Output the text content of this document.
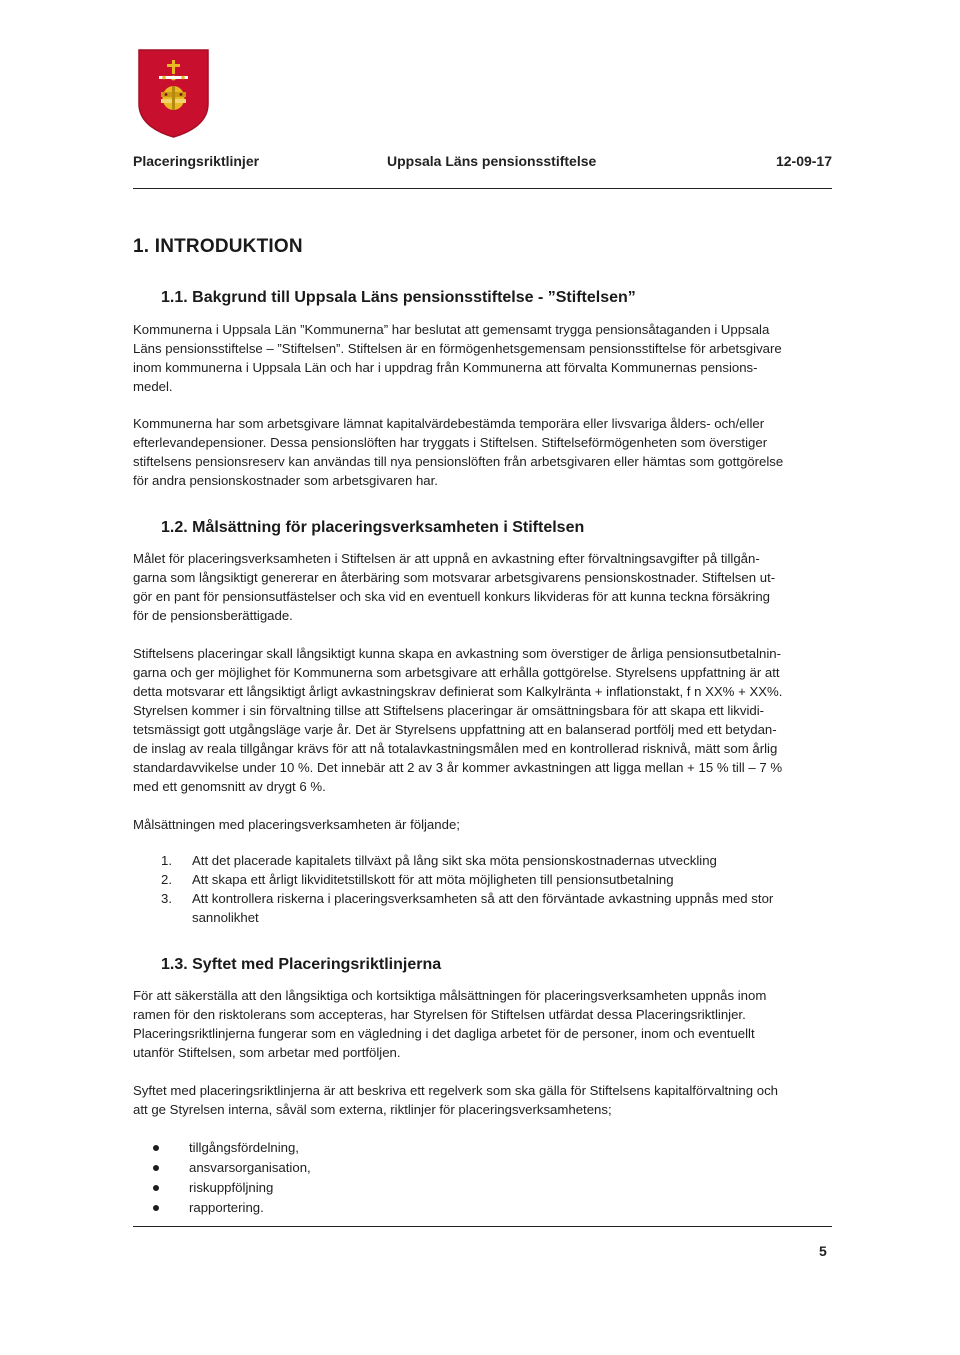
Placeringsriktlinjer	Uppsala Läns pensionsstiftelse	12-09-17
1. INTRODUKTION
1.1. Bakgrund till Uppsala Läns pensionsstiftelse - ”Stiftelsen”
Kommunerna i Uppsala Län ”Kommunerna” har beslutat att gemensamt trygga pensionsåtaganden i Uppsala
Läns pensionsstiftelse – ”Stiftelsen”. Stiftelsen är en förmögenhetsgemensam pensionsstiftelse för arbetsgivare
inom kommunerna i Uppsala Län och har i uppdrag från Kommunerna att förvalta Kommunernas pensions-
medel.
Kommunerna har som arbetsgivare lämnat kapitalvärdebestämda temporära eller livsvariga ålders- och/eller
efterlevandepensioner. Dessa pensionslöften har tryggats i Stiftelsen. Stiftelseförmögenheten som överstiger
stiftelsens pensionsreserv kan användas till nya pensionslöften från arbetsgivaren eller hämtas som gottgörelse
för andra pensionskostnader som arbetsgivaren har.
1.2. Målsättning för placeringsverksamheten i Stiftelsen
Målet för placeringsverksamheten i Stiftelsen är att uppnå en avkastning efter förvaltningsavgifter på tillgån-
garna som långsiktigt genererar en återbäring som motsvarar arbetsgivarens pensionskostnader. Stiftelsen ut-
gör en pant för pensionsutfästelser och ska vid en eventuell konkurs likvideras för att kunna teckna försäkring
för de pensionsberättigade.
Stiftelsens placeringar skall långsiktigt kunna skapa en avkastning som överstiger de årliga pensionsutbetalnin-
garna och ger möjlighet för Kommunerna som arbetsgivare att erhålla gottgörelse. Styrelsens uppfattning är att
detta motsvarar ett långsiktigt årligt avkastningskrav definierat som Kalkylränta + inflationstakt, f n XX% + XX%.
Styrelsen kommer i sin förvaltning tillse att Stiftelsens placeringar är omsättningsbara för att skapa ett likvidi-
tetsmässigt gott utgångsläge varje år. Det är Styrelsens uppfattning att en balanserad portfölj med ett betydan-
de inslag av reala tillgångar krävs för att nå totalavkastningsmålen med en kontrollerad risknivå, mätt som årlig
standardavvikelse under 10 %. Det innebär att 2 av 3 år kommer avkastningen att ligga mellan + 15 % till – 7 %
med ett genomsnitt av drygt 6 %.
Målsättningen med placeringsverksamheten är följande;
1. Att det placerade kapitalets tillväxt på lång sikt ska möta pensionskostnadernas utveckling
2. Att skapa ett årligt likviditetstillskott för att möta möjligheten till pensionsutbetalning
3. Att kontrollera riskerna i placeringsverksamheten så att den förväntade avkastning uppnås med stor
sannolikhet
1.3. Syftet med Placeringsriktlinjerna
För att säkerställa att den långsiktiga och kortsiktiga målsättningen för placeringsverksamheten uppnås inom
ramen för den risktolerans som accepteras, har Styrelsen för Stiftelsen utfärdat dessa Placeringsriktlinjer.
Placeringsriktlinjerna fungerar som en vägledning i det dagliga arbetet för de personer, inom och eventuellt
utanför Stiftelsen, som arbetar med portföljen.
Syftet med placeringsriktlinjerna är att beskriva ett regelverk som ska gälla för Stiftelsens kapitalförvaltning och
att ge Styrelsen interna, såväl som externa, riktlinjer för placeringsverksamhetens;
tillgångsfördelning,
ansvarsorganisation,
riskuppföljning
rapportering.
5
